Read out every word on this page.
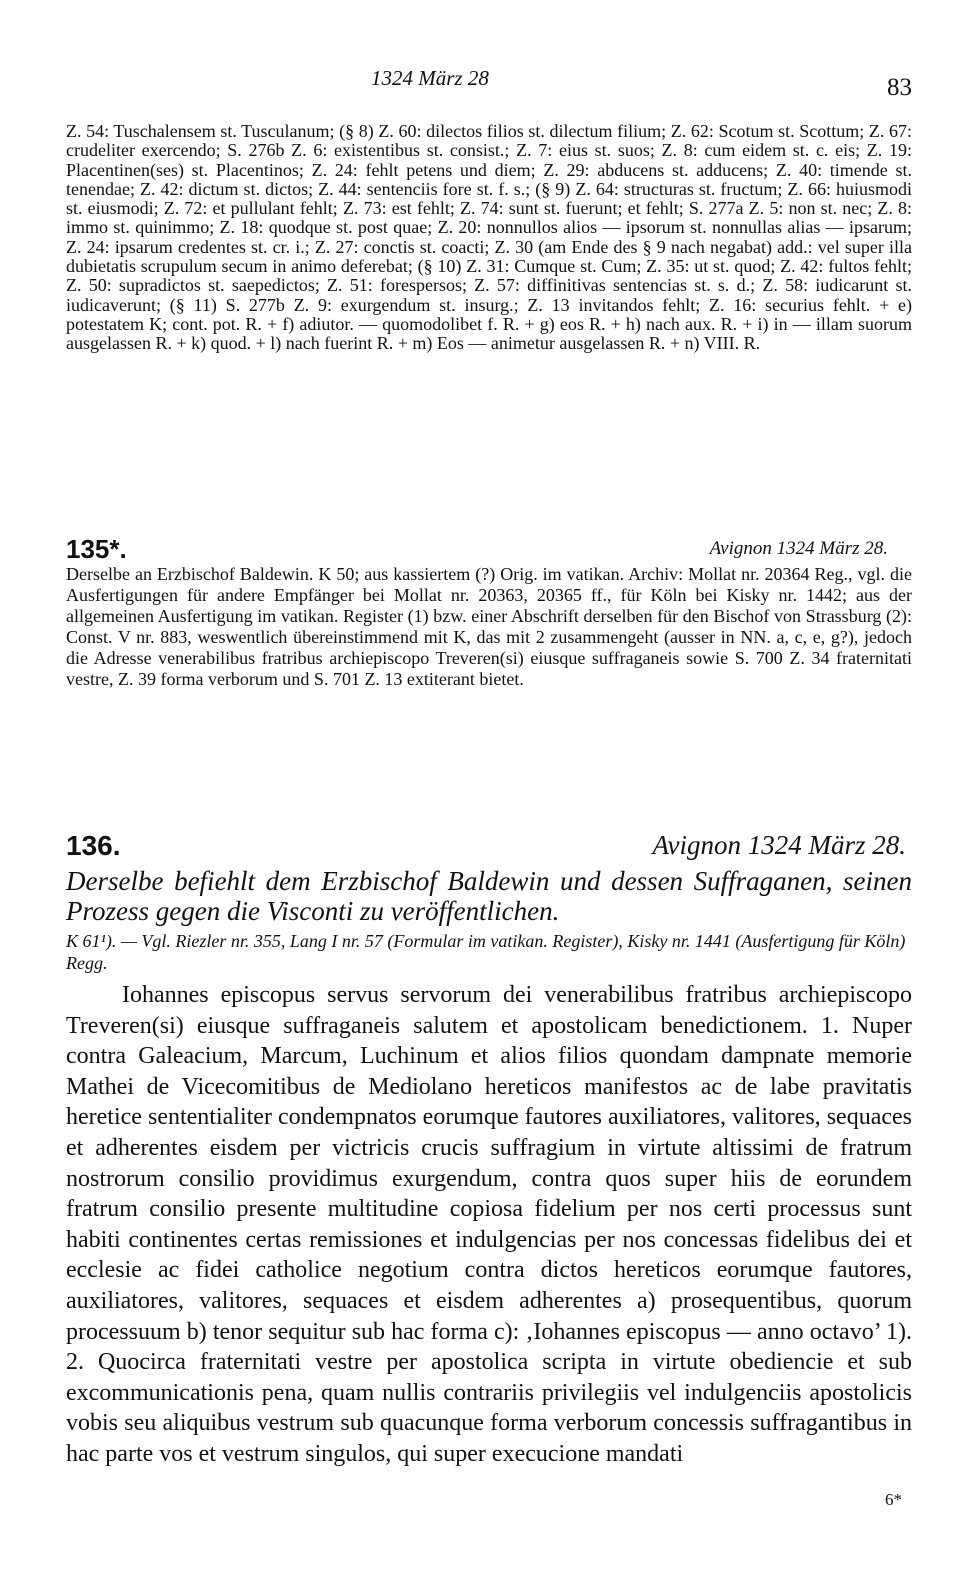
1324 März 28	83

Z. 54: Tuschalensem st. Tusculanum; (§ 8) Z. 60: dilectos filios st. dilectum filium; Z. 62: Scotum st. Scottum; Z. 67: crudeliter exercendo; S. 276b Z. 6: existentibus st. consist.; Z. 7: eius st. suos; Z. 8: cum eidem st. c. eis; Z. 19: Placentinen(ses) st. Placentinos; Z. 24: fehlt petens und diem; Z. 29: abducens st. adducens; Z. 40: timende st. tenendae; Z. 42: dictum st. dictos; Z. 44: sentenciis fore st. f. s.; (§ 9) Z. 64: structuras st. fructum; Z. 66: huiusmodi st. eiusmodi; Z. 72: et pullulant fehlt; Z. 73: est fehlt; Z. 74: sunt st. fuerunt; et fehlt; S. 277a Z. 5: non st. nec; Z. 8: immo st. quinimmo; Z. 18: quodque st. post quae; Z. 20: nonnullos alios — ipsorum st. nonnullas alias — ipsarum; Z. 24: ipsarum credentes st. cr. i.; Z. 27: conctis st. coacti; Z. 30 (am Ende des § 9 nach negabat) add.: vel super illa dubietatis scrupulum secum in animo deferebat; (§ 10) Z. 31: Cumque st. Cum; Z. 35: ut st. quod; Z. 42: fultos fehlt; Z. 50: supradictos st. saepedictos; Z. 51: forespersos; Z. 57: diffinitivas sentencias st. s. d.; Z. 58: iudicarunt st. iudicaverunt; (§ 11) S. 277b Z. 9: exurgendum st. insurg.; Z. 13 invitandos fehlt; Z. 16: securius fehlt. + e) potestatem K; cont. pot. R. + f) adiutor. — quomodolibet f. R. + g) eos R. + h) nach aux. R. + i) in — illam suorum ausgelassen R. + k) quod. + l) nach fuerint R. + m) Eos — animetur ausgelassen R. + n) VIII. R.

135*.	Avignon 1324 März 28.

Derselbe an Erzbischof Baldewin. K 50; aus kassiertem (?) Orig. im vatikan. Archiv: Mollat nr. 20364 Reg., vgl. die Ausfertigungen für andere Empfänger bei Mollat nr. 20363, 20365 ff., für Köln bei Kisky nr. 1442; aus der allgemeinen Ausfertigung im vatikan. Register (1) bzw. einer Abschrift derselben für den Bischof von Strassburg (2): Const. V nr. 883, weswentlich übereinstimmend mit K, das mit 2 zusammengeht (ausser in NN. a, c, e, g?), jedoch die Adresse venerabilibus fratribus archiepiscopo Treveren(si) eiusque suffraganeis sowie S. 700 Z. 34 fraternitati vestre, Z. 39 forma verborum und S. 701 Z. 13 extiterant bietet.

136.	Avignon 1324 März 28.

Derselbe befiehlt dem Erzbischof Baldewin und dessen Suffraganen, seinen Prozess gegen die Visconti zu veröffentlichen.

K 61¹). — Vgl. Riezler nr. 355, Lang I nr. 57 (Formular im vatikan. Register), Kisky nr. 1441 (Ausfertigung für Köln) Regg.

Iohannes episcopus servus servorum dei venerabilibus fratribus archiepiscopo Treveren(si) eiusque suffraganeis salutem et apostolicam benedictionem. 1. Nuper contra Galeacium, Marcum, Luchinum et alios filios quondam dampnate memorie Mathei de Vicecomitibus de Mediolano hereticos manifestos ac de labe pravitatis heretice sententialiter condempnatos eorumque fautores auxiliatores, valitores, sequaces et adherentes eisdem per victricis crucis suffragium in virtute altissimi de fratrum nostrorum consilio providimus exurgendum, contra quos super hiis de eorundem fratrum consilio presente multitudine copiosa fidelium per nos certi processus sunt habiti continentes certas remissiones et indulgencias per nos concessas fidelibus dei et ecclesie ac fidei catholice negotium contra dictos hereticos eorumque fautores, auxiliatores, valitores, sequaces et eisdem adherentes a) prosequentibus, quorum processuum b) tenor sequitur sub hac forma c): ‚Iohannes episcopus — anno octavo’ 1). 2. Quocirca fraternitati vestre per apostolica scripta in virtute obediencie et sub excommunicationis pena, quam nullis contrariis privilegiis vel indulgenciis apostolicis vobis seu aliquibus vestrum sub quacunque forma verborum concessis suffragantibus in hac parte vos et vestrum singulos, qui super execucione mandati

6*
